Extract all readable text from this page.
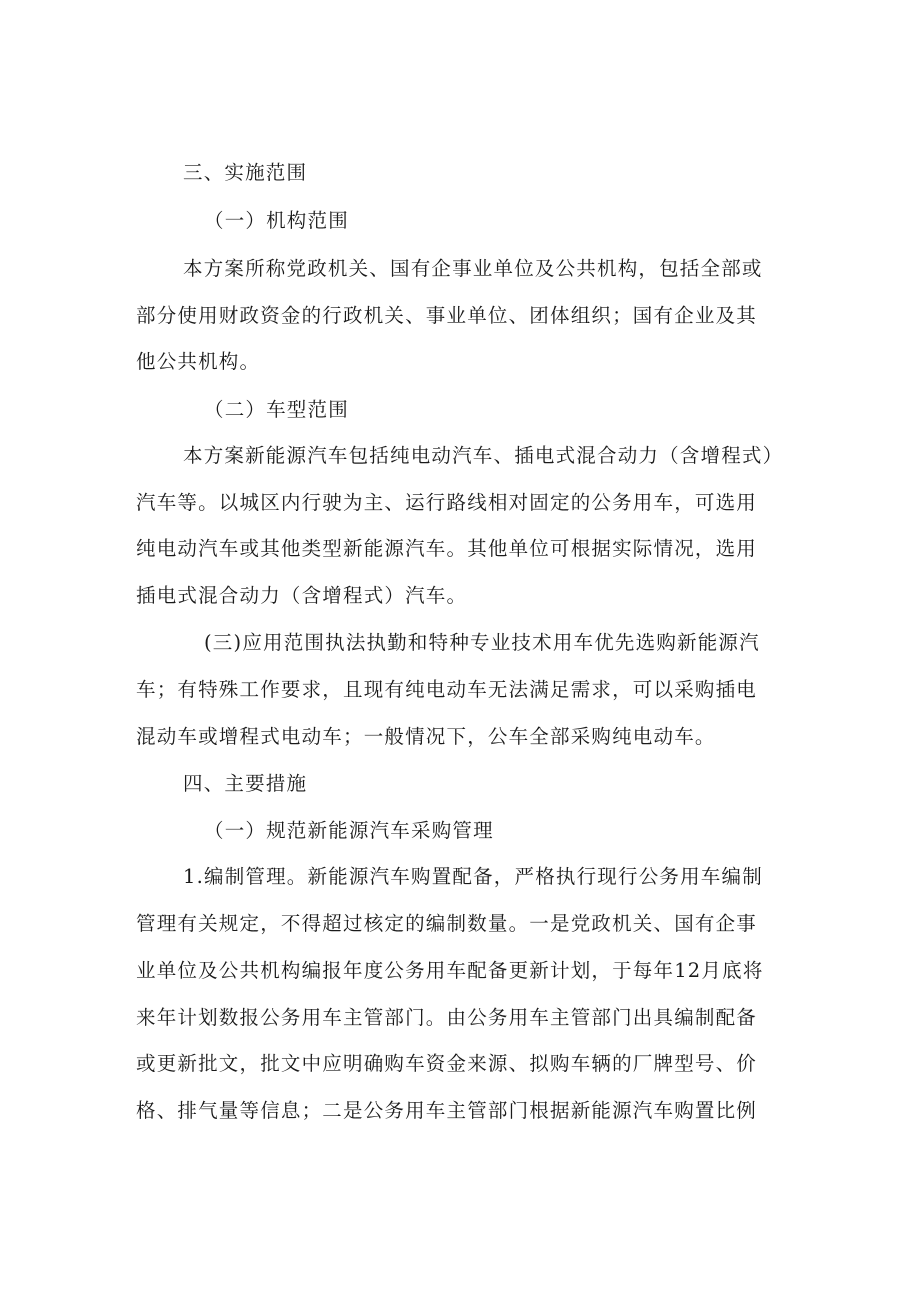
三、实施范围
（一）机构范围
本方案所称党政机关、国有企事业单位及公共机构，包括全部或
部分使用财政资金的行政机关、事业单位、团体组织；国有企业及其
他公共机构。
（二）车型范围
本方案新能源汽车包括纯电动汽车、插电式混合动力（含增程式）
汽车等。以城区内行驶为主、运行路线相对固定的公务用车，可选用
纯电动汽车或其他类型新能源汽车。其他单位可根据实际情况，选用
插电式混合动力（含增程式）汽车。
(三)应用范围执法执勤和特种专业技术用车优先选购新能源汽
车；有特殊工作要求，且现有纯电动车无法满足需求，可以采购插电
混动车或增程式电动车；一般情况下，公车全部采购纯电动车。
四、主要措施
（一）规范新能源汽车采购管理
1.编制管理。新能源汽车购置配备，严格执行现行公务用车编制
管理有关规定，不得超过核定的编制数量。一是党政机关、国有企事
业单位及公共机构编报年度公务用车配备更新计划，于每年12月底将
来年计划数报公务用车主管部门。由公务用车主管部门出具编制配备
或更新批文，批文中应明确购车资金来源、拟购车辆的厂牌型号、价
格、排气量等信息；二是公务用车主管部门根据新能源汽车购置比例
